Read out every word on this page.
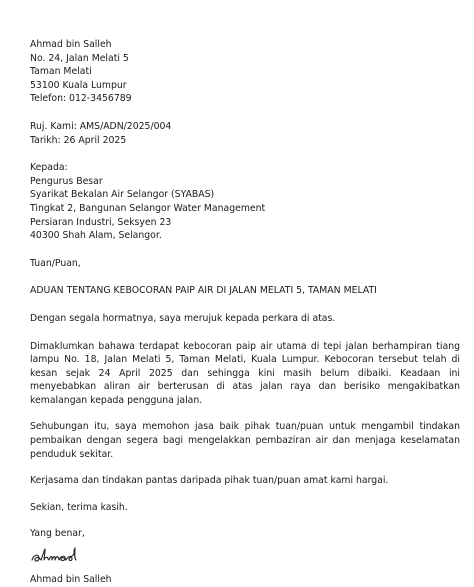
Ahmad bin Salleh
No. 24, Jalan Melati 5
Taman Melati
53100 Kuala Lumpur
Telefon: 012-3456789
Ruj. Kami: AMS/ADN/2025/004
Tarikh: 26 April 2025
Kepada:
Pengurus Besar
Syarikat Bekalan Air Selangor (SYABAS)
Tingkat 2, Bangunan Selangor Water Management
Persiaran Industri, Seksyen 23
40300 Shah Alam, Selangor.
Tuan/Puan,
ADUAN TENTANG KEBOCORAN PAIP AIR DI JALAN MELATI 5, TAMAN MELATI

Dengan segala hormatnya, saya merujuk kepada perkara di atas.

Dimaklumkan bahawa terdapat kebocoran paip air utama di tepi jalan berhampiran tiang lampu No. 18, Jalan Melati 5, Taman Melati, Kuala Lumpur. Kebocoran tersebut telah di kesan sejak 24 April 2025 dan sehingga kini masih belum dibaiki. Keadaan ini menyebabkan aliran air berterusan di atas jalan raya dan berisiko mengakibatkan kemalangan kepada pengguna jalan.

Sehubungan itu, saya memohon jasa baik pihak tuan/puan untuk mengambil tindakan pembaikan dengan segera bagi mengelakkan pembaziran air dan menjaga keselamatan penduduk sekitar.

Kerjasama dan tindakan pantas daripada pihak tuan/puan amat kami hargai.

Sekian, terima kasih.
Yang benar,
Ahmad bin Salleh
